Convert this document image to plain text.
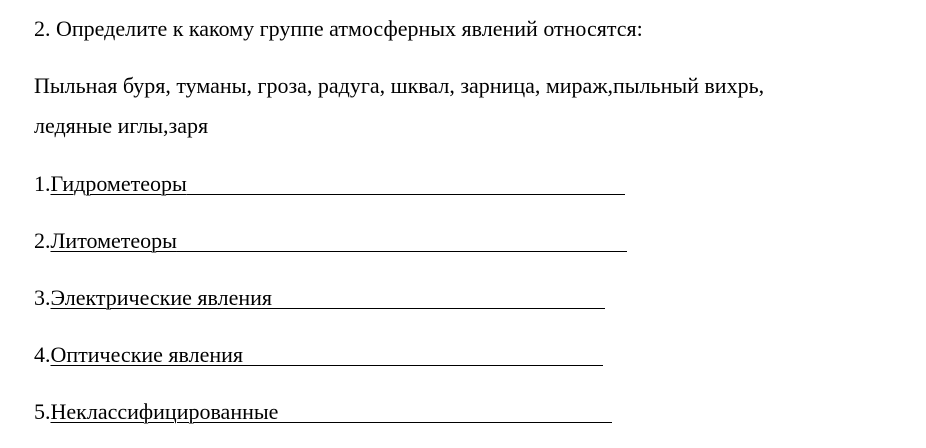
2. Определите к какому группе атмосферных явлений относятся:
Пыльная буря, туманы, гроза, радуга, шквал, зарница, мираж,пыльный вихрь,
ледяные иглы,заря
1. Гидрометеоры
2. Литометеоры
3. Электрические явления
4. Оптические явления
5. Неклассифицированные
